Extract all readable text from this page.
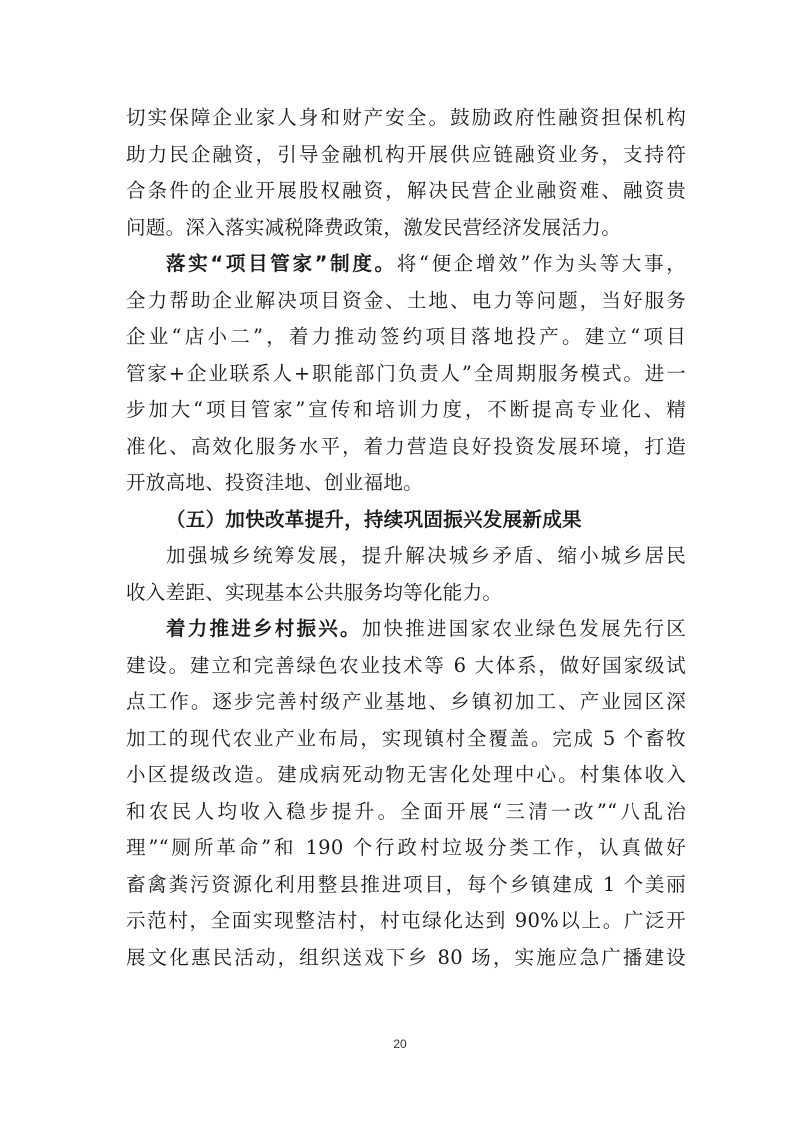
切实保障企业家人身和财产安全。鼓励政府性融资担保机构
助力民企融资，引导金融机构开展供应链融资业务，支持符
合条件的企业开展股权融资，解决民营企业融资难、融资贵
问题。深入落实减税降费政策，激发民营经济发展活力。
落实“项目管家”制度。将“便企增效”作为头等大事，
全力帮助企业解决项目资金、土地、电力等问题，当好服务
企业“店小二”，着力推动签约项目落地投产。建立“项目
管家+企业联系人+职能部门负责人”全周期服务模式。进一
步加大“项目管家”宣传和培训力度，不断提高专业化、精
准化、高效化服务水平，着力营造良好投资发展环境，打造
开放高地、投资洼地、创业福地。
（五）加快改革提升，持续巩固振兴发展新成果
加强城乡统筹发展，提升解决城乡矛盾、缩小城乡居民
收入差距、实现基本公共服务均等化能力。
着力推进乡村振兴。加快推进国家农业绿色发展先行区
建设。建立和完善绿色农业技术等 6 大体系，做好国家级试
点工作。逐步完善村级产业基地、乡镇初加工、产业园区深
加工的现代农业产业布局，实现镇村全覆盖。完成 5 个畜牧
小区提级改造。建成病死动物无害化处理中心。村集体收入
和农民人均收入稳步提升。全面开展“三清一改”“八乱治
理”“厕所革命”和 190 个行政村垃圾分类工作，认真做好
畜禽粪污资源化利用整县推进项目，每个乡镇建成 1 个美丽
示范村，全面实现整洁村，村屯绿化达到 90%以上。广泛开
展文化惠民活动，组织送戏下乡 80 场，实施应急广播建设
20
